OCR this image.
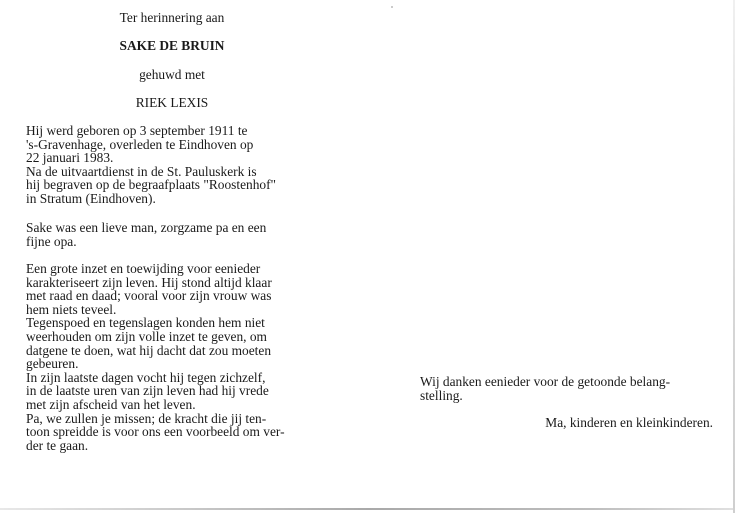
Ter herinnering aan
SAKE DE BRUIN
gehuwd met
RIEK LEXIS
Hij werd geboren op 3 september 1911 te
's-Gravenhage, overleden te Eindhoven op
22 januari 1983.
Na de uitvaartdienst in de St. Pauluskerk is
hij begraven op de begraafplaats "Roostenhof"
in Stratum (Eindhoven).
Sake was een lieve man, zorgzame pa en een
fijne opa.
Een grote inzet en toewijding voor eenieder
karakteriseert zijn leven. Hij stond altijd klaar
met raad en daad; vooral voor zijn vrouw was
hem niets teveel.
Tegenspoed en tegenslagen konden hem niet
weerhouden om zijn volle inzet te geven, om
datgene te doen, wat hij dacht dat zou moeten
gebeuren.
In zijn laatste dagen vocht hij tegen zichzelf,
in de laatste uren van zijn leven had hij vrede
met zijn afscheid van het leven.
Pa, we zullen je missen; de kracht die jij ten-
toon spreidde is voor ons een voorbeeld om ver-
der te gaan.
Wij danken eenieder voor de getoonde belang-
stelling.
Ma, kinderen en kleinkinderen.
